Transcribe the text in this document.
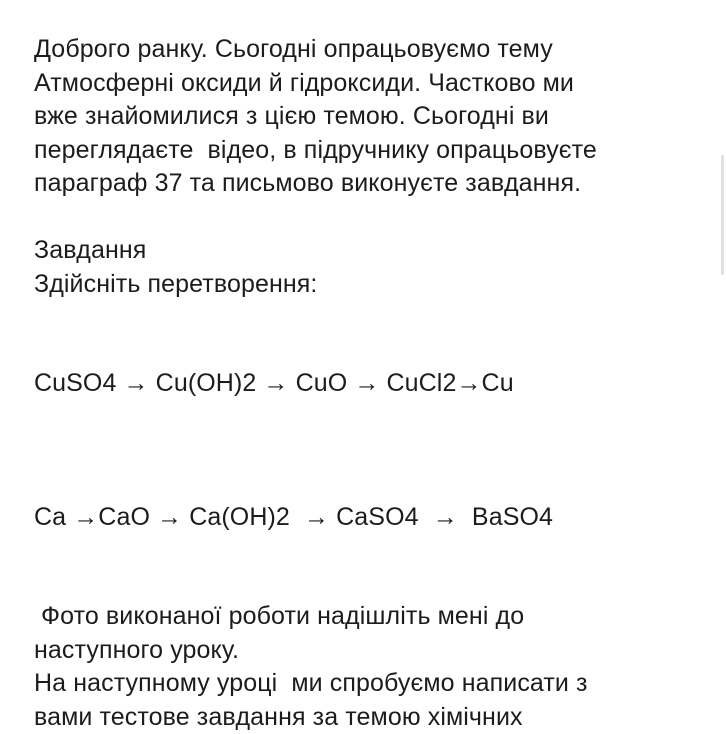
Доброго ранку. Сьогодні опрацьовуємо тему
Атмосферні оксиди й гідроксиди. Частково ми
вже знайомилися з цією темою. Сьогодні ви
переглядаєте  відео, в підручнику опрацьовуєте
параграф 37 та письмово виконуєте завдання.
Завдання
Здійсніть перетворення:
CuSO4 → Cu(OH)2 → CuO → CuCl2→Cu
Ca →CaO → Ca(OH)2  → CaSO4  →  BaSO4
Фото виконаної роботи надішліть мені до
наступного уроку.
На наступному уроці  ми спробуємо написати з
вами тестове завдання за темою хімічних
